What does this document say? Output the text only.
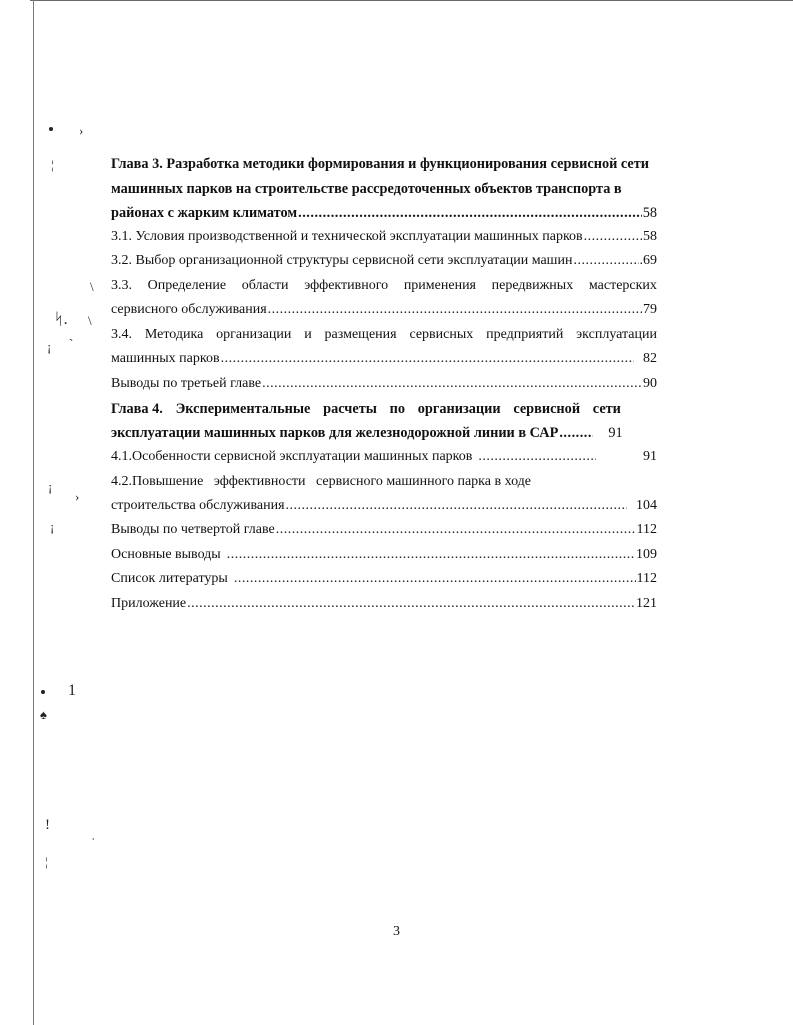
›
¦
\
ᛋ. \
¡ ˋ
¡
›
¡
1
♠
!	ˌ
¦
Глава 3. Разработка методики формирования и функционирования сервисной сети
машинных парков на строительстве рассредоточенных объектов транспорта в
районах с жарким климатом .....	58
3.1. Условия производственной и технической эксплуатации машинных парков .....	58
3.2. Выбор организационной структуры сервисной сети эксплуатации машин .....	.69
3.3. Определение области эффективного применения передвижных мастерских
сервисного обслуживания .....	79
3.4. Методика организации и размещения сервисных предприятий эксплуатации
машинных парков .....	82
Выводы по третьей главе .....	90
Глава 4. Экспериментальные расчеты по организации сервисной сети
эксплуатации машинных парков для железнодорожной линии в САР .....	91
4.1.Особенности сервисной эксплуатации машинных парков .....	91
4.2.Повышение эффективности сервисного машинного парка в ходе
строительства обслуживания .....	104
Выводы по четвертой главе .....	112
Основные выводы .....	109
Список литературы .....	112
Приложение .....	121
3
